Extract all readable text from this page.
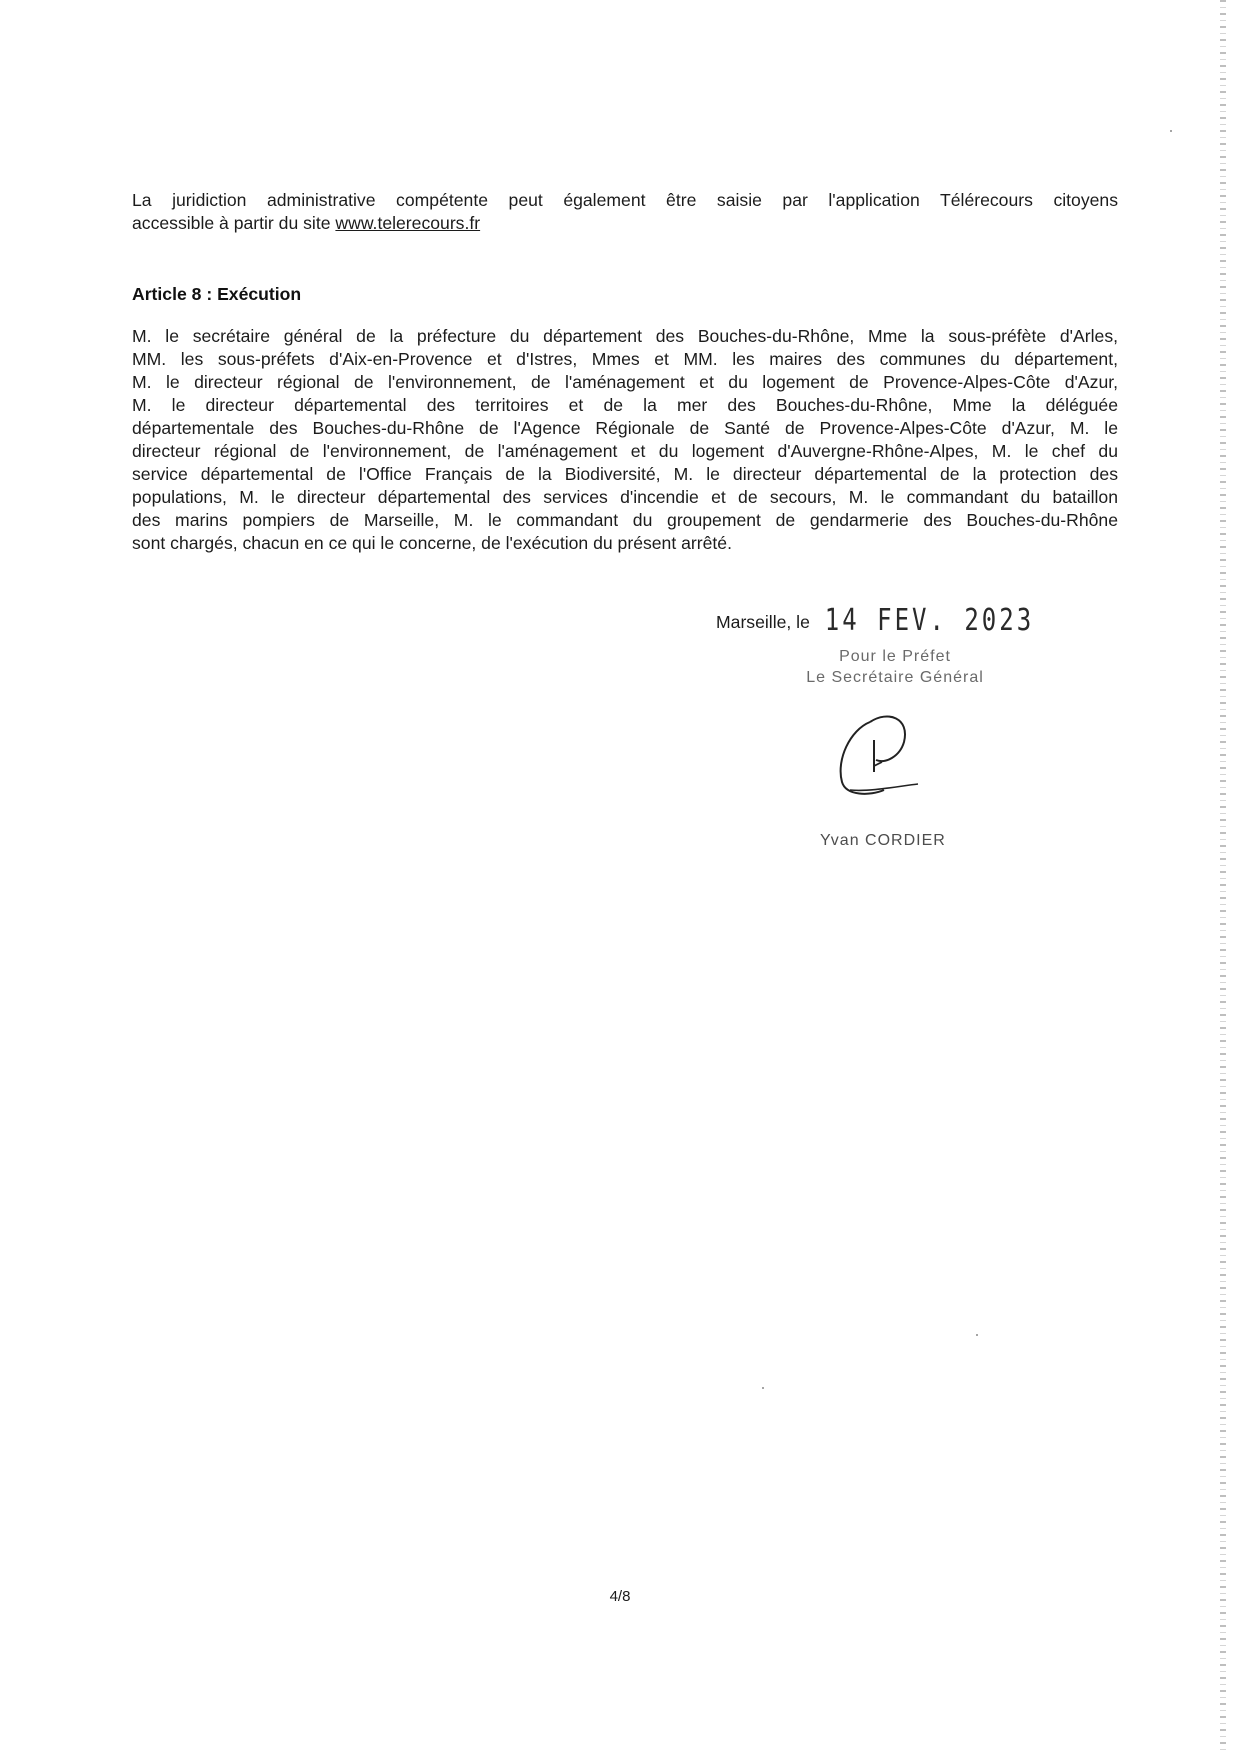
La juridiction administrative compétente peut également être saisie par l'application Télérecours citoyens
accessible à partir du site www.telerecours.fr
Article 8 : Exécution
M. le secrétaire général de la préfecture du département des Bouches-du-Rhône, Mme la sous-préfète d'Arles,
MM. les sous-préfets d'Aix-en-Provence et d'Istres, Mmes et MM. les maires des communes du département,
M. le directeur régional de l'environnement, de l'aménagement et du logement de Provence-Alpes-Côte d'Azur,
M. le directeur départemental des territoires et de la mer des Bouches-du-Rhône, Mme la déléguée
départementale des Bouches-du-Rhône de l'Agence Régionale de Santé de Provence-Alpes-Côte d'Azur, M. le
directeur régional de l'environnement, de l'aménagement et du logement d'Auvergne-Rhône-Alpes, M. le chef du
service départemental de l'Office Français de la Biodiversité, M. le directeur départemental de la protection des
populations, M. le directeur départemental des services d'incendie et de secours, M. le commandant du bataillon
des marins pompiers de Marseille, M. le commandant du groupement de gendarmerie des Bouches-du-Rhône
sont chargés, chacun en ce qui le concerne, de l'exécution du présent arrêté.
Marseille, le 14 FEV. 2023
Pour le Préfet
Le Secrétaire Général
Yvan CORDIER
4/8
